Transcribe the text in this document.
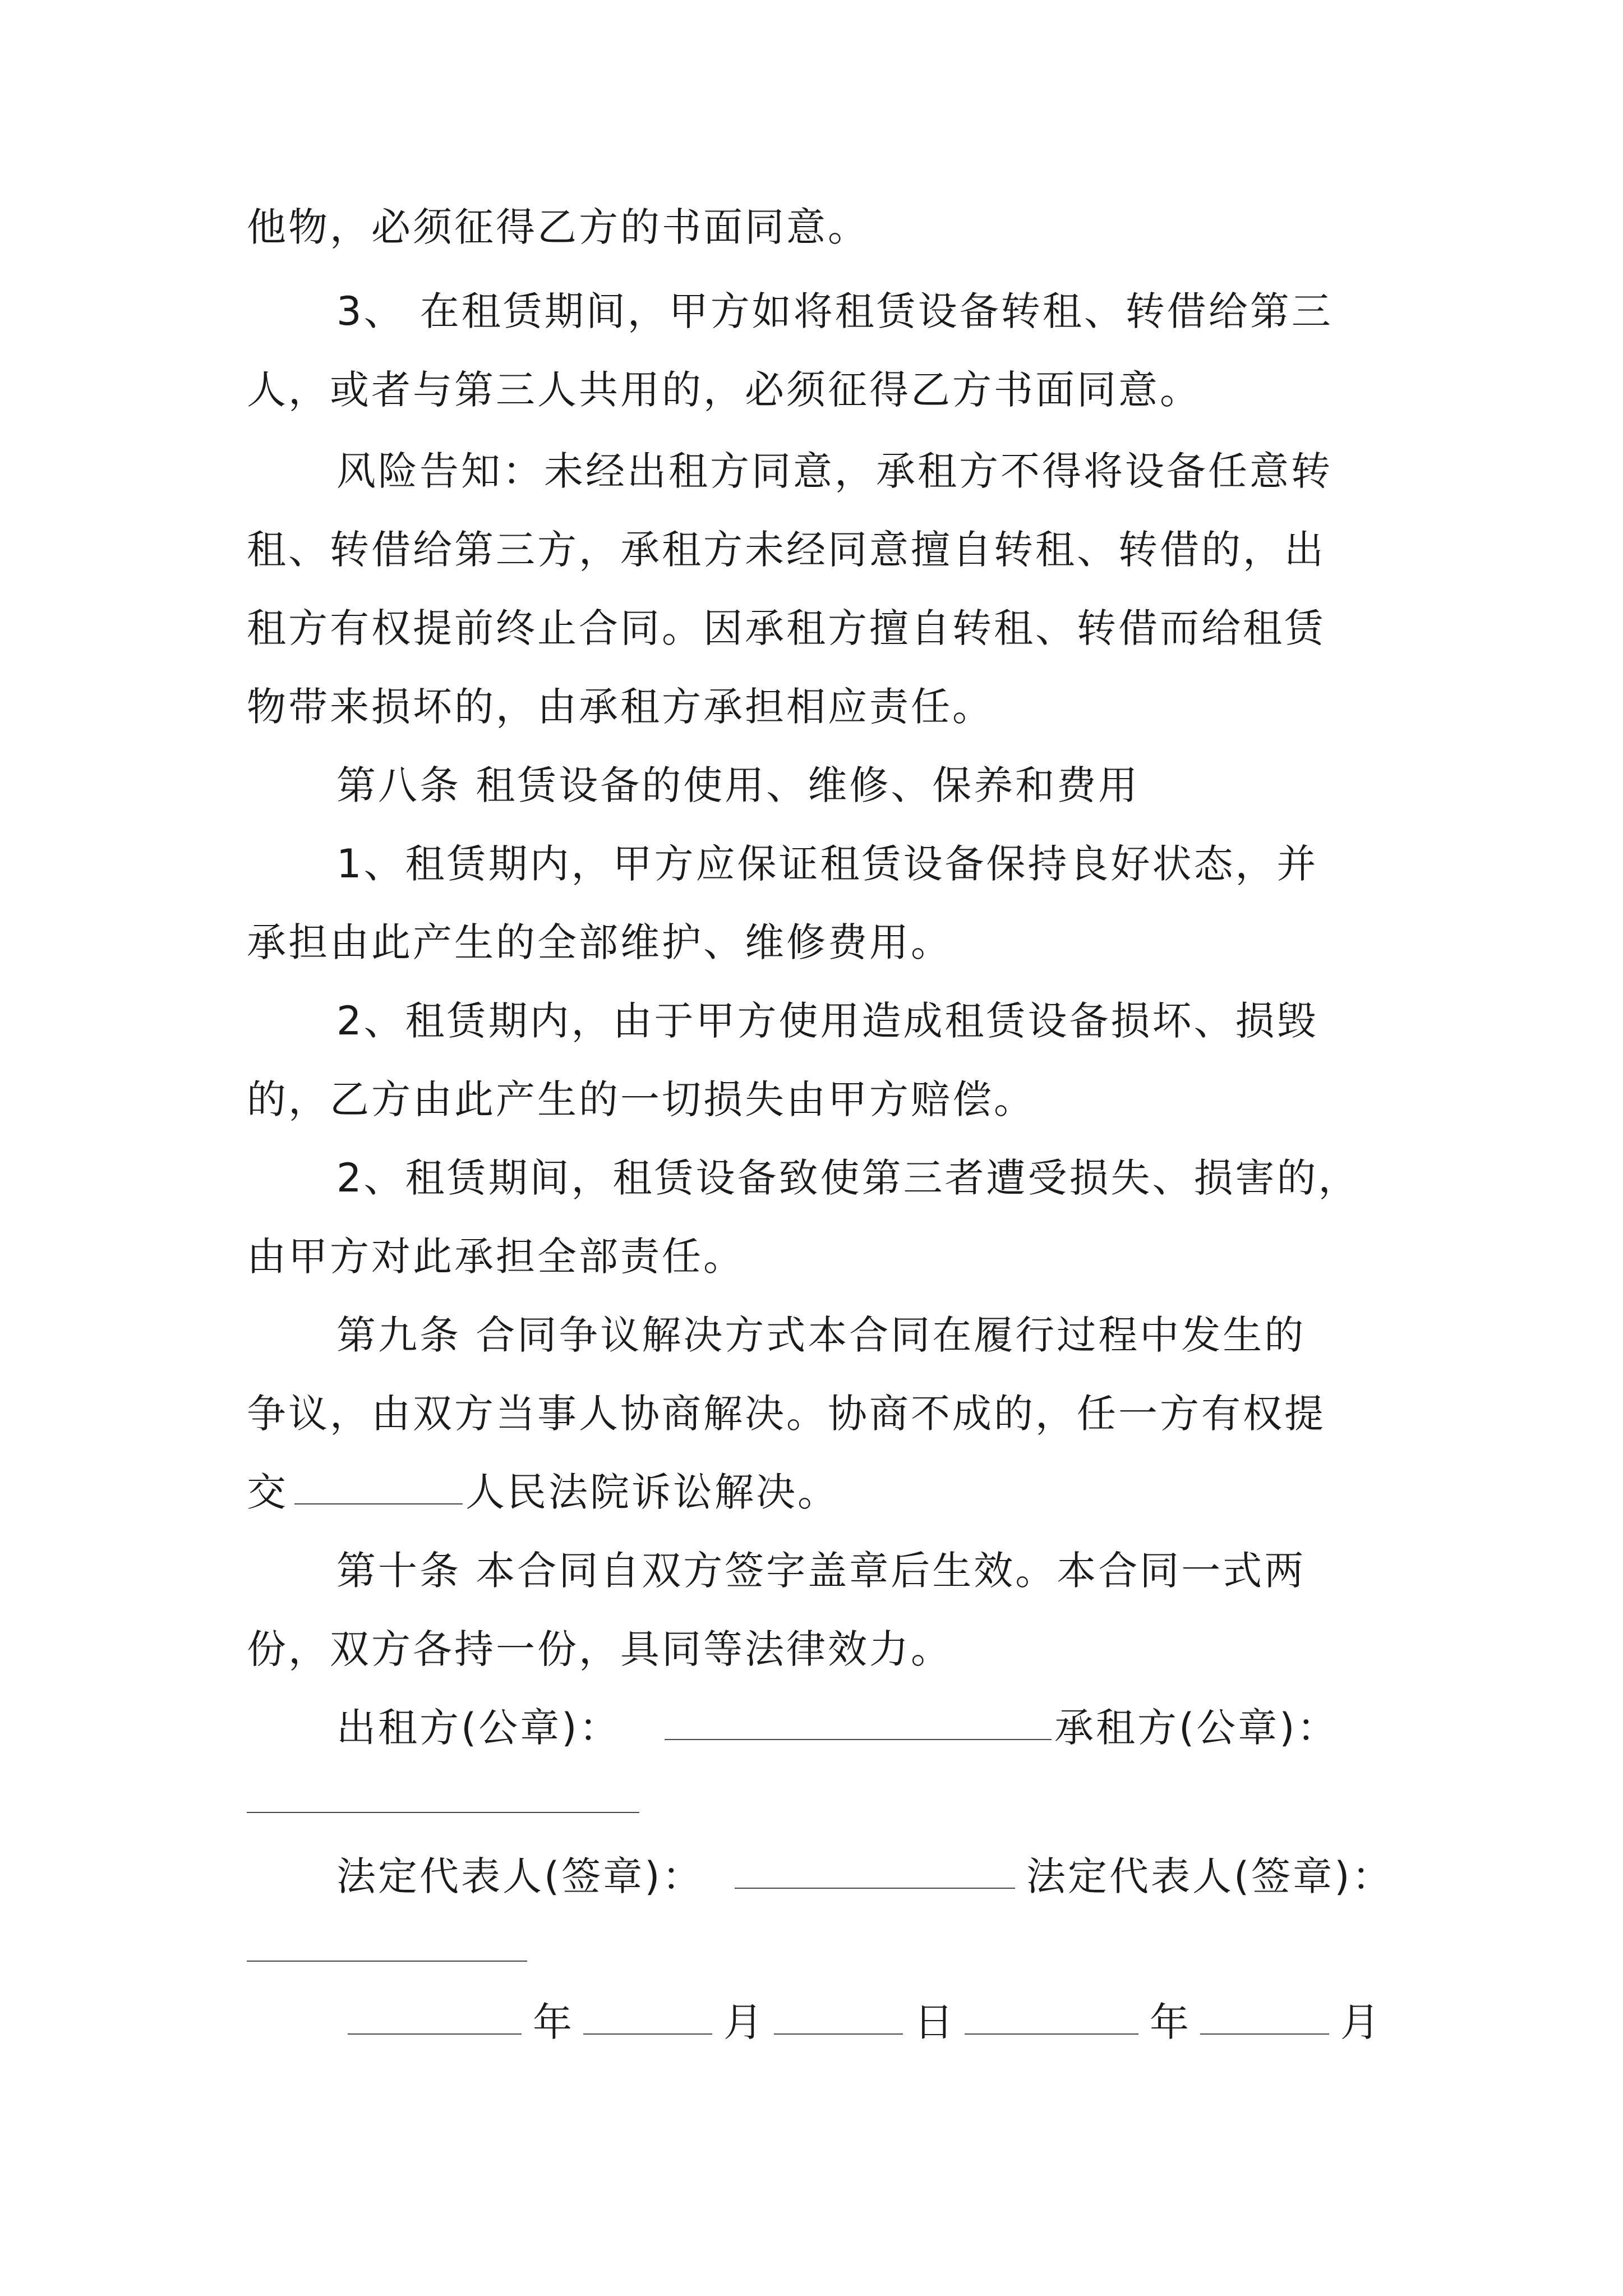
他物，必须征得乙方的书面同意。
3、 在租赁期间，甲方如将租赁设备转租、转借给第三
人，或者与第三人共用的，必须征得乙方书面同意。
风险告知：未经出租方同意，承租方不得将设备任意转
租、转借给第三方，承租方未经同意擅自转租、转借的，出
租方有权提前终止合同。因承租方擅自转租、转借而给租赁
物带来损坏的，由承租方承担相应责任。
第八条 租赁设备的使用、维修、保养和费用
1、租赁期内，甲方应保证租赁设备保持良好状态，并
承担由此产生的全部维护、维修费用。
2、租赁期内，由于甲方使用造成租赁设备损坏、损毁
的，乙方由此产生的一切损失由甲方赔偿。
2、租赁期间，租赁设备致使第三者遭受损失、损害的，
由甲方对此承担全部责任。
第九条 合同争议解决方式本合同在履行过程中发生的
争议，由双方当事人协商解决。协商不成的，任一方有权提
交	人民法院诉讼解决。
第十条 本合同自双方签字盖章后生效。本合同一式两
份，双方各持一份，具同等法律效力。
出租方(公章)：	承租方(公章)：
法定代表人(签章)：	法定代表人(签章)：
年	月	日	年	月
